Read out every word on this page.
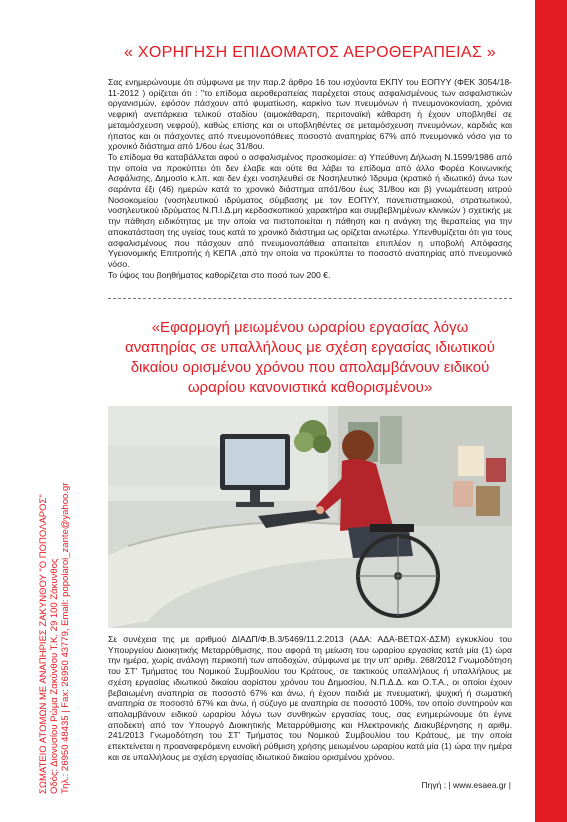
ΣΩΜΑΤΕΙΟ ΑΤΟΜΩΝ ΜΕ ΑΝΑΠΗΡΙΕΣ ΖΑΚΥΝΘΟΥ "Ο ΠΟΠΟΛΑΡΟΣ" Οδός: Διονυσίου Ρώμα Ζακύνθου Τ.Κ. 29 100 Ζάκυνθος Τηλ.: 26950 48435 | Fax: 26950 43779, Email: popolaroi_zante@yahoo.gr
« ΧΟΡΗΓΗΣΗ ΕΠΙΔΟΜΑΤΟΣ ΑΕΡΟΘΕΡΑΠΕΙΑΣ »

Σας ενημερώνουμε ότι σύμφωνα με την παρ.2 άρθρο 16 του ισχύοντα ΕΚΠΥ του ΕΟΠΥΥ (ΦΕΚ 3054/18-11-2012 ) ορίζεται ότι : "το επίδομα αεροθεραπείας παρέχεται στους ασφαλισμένους των ασφαλιστικών οργανισμών, εφόσον πάσχουν από φυματίωση, καρκίνο των πνευμόνων ή πνευμονοκονίαση, χρόνια νεφρική ανεπάρκεια τελικού σταδίου (αιμοκάθαρση, περιτοναϊκή κάθαρση ή έχουν υποβληθεί σε μεταμόσχευση νεφρού), καθώς επίσης και οι υποβληθέντες σε μεταμόσχευση πνευμόνων, καρδιάς και ήπατος και οι πάσχοντες από πνευμονοπάθειες ποσοστό αναπηρίας 67% από πνευμονικό νόσο για το χρονικό διάστημα από 1/6ου έως 31/8ου.

Το επίδομα θα καταβάλλεται αφού ο ασφαλισμένος προσκομίσει: α) Υπεύθυνη Δήλωση Ν.1599/1986 από την οποία να προκύπτει ότι δεν έλαβε και ούτε θα λάβει το επίδομα από άλλο Φορέα Κοινωνικής Ασφάλισης, Δημοσίο κ.λπ. και δεν έχει νοσηλευθεί σε Νοσηλευτικό Ίδρυμα (κρατικό ή ιδιωτικό) άνω των σαράντα έξι (46) ημερών κατά το χρονικό διάστημα από1/6ου έως 31/8ου και β) γνωμάτευση ιατρού Νοσοκομείου (νοσηλευτικού ιδρύματος σύμβασης με τον ΕΟΠΥΥ, πανεπιστημιακού, στρατιωτικού, νοσηλευτικού ιδρύματος Ν.Π.Ι.Δ.μη κερδοσκοπικού χαρακτήρα και συμβεβλημένων κλινικών ) σχετικής με την πάθηση ειδικότητας με την οποία να πιστοποιείται η πάθηση και η ανάγκη της θεραπείας για την αποκατάσταση της υγείας τους κατά το χρονικό διάστημα ως ορίζεται ανωτέρω. Υπενθυμίζεται ότι για τους ασφαλισμένους που πάσχουν από πνευμονοπάθεια απαιτείται επιπλέον η υποβολή Απόφασης Υγειονομικής Επιτροπής ή ΚΕΠΑ ,από την οποία να προκύπτει το ποσοστό αναπηρίας από πνευμονικό νόσο.

Το ύψος του βοηθήματος καθορίζεται στο ποσό των 200 €.

«Εφαρμογή μειωμένου ωραρίου εργασίας λόγω
αναπηρίας σε υπαλλήλους με σχέση εργασίας ιδιωτικού
δικαίου ορισμένου χρόνου που απολαμβάνουν ειδικού
ωραρίου κανονιστικά καθορισμένου»
Σε συνέχεια της με αριθμού ΔΙΑΔΠ/Φ.Β.3/5469/11.2.2013 (ΑΔΑ: ΑΔΑ-ΒΕΤΩΧ-ΔΣΜ) εγκυκλίου του Υπουργείου Διοικητικής Μεταρρύθμισης, που αφορά τη μείωση του ωραρίου εργασίας κατά μία (1) ώρα την ημέρα, χωρίς ανάλογη περικοπή των αποδοχών, σύμφωνα με την υπ' αριθμ. 268/2012 Γνωμοδότηση του ΣΤ' Τμήματος του Νομικού Συμβουλίου του Κράτους, σε τακτικούς υπαλλήλους ή υπαλλήλους με σχέση εργασίας ιδιωτικού δικαίου αορίστου χρόνου του Δημοσίου, Ν.Π.Δ.Δ. και Ο.Τ.Α., οι οποίοι έχουν βεβαιωμένη αναπηρία σε ποσοστό 67% και άνω, ή έχουν παιδιά με πνευματική, ψυχική ή σωματική αναπηρία σε ποσοστό 67% και άνω, ή σύζυγο με αναπηρία σε ποσοστό 100%, τον οποίο συντηρούν και απολαμβάνουν ειδικού ωραρίου λόγω των συνθηκών εργασίας τους, σας ενημερώνουμε ότι έγινε αποδεκτή από τον Υπουργό Διοικητικής Μεταρρύθμισης και Ηλεκτρονικής Διακυβέρνησης η αριθμ. 241/2013 Γνωμοδότηση του ΣΤ' Τμήματος του Νομικού Συμβουλίου του Κράτους, με την οποία επεκτείνεται η προαναφερόμενη ευνοϊκή ρύθμιση χρήσης μειωμένου ωραρίου κατά μία (1) ώρα την ημέρα και σε υπαλλήλους με σχέση εργασίας ιδιωτικού δικαίου ορισμένου χρόνου.
Πηγή : | www.esaea.gr |
